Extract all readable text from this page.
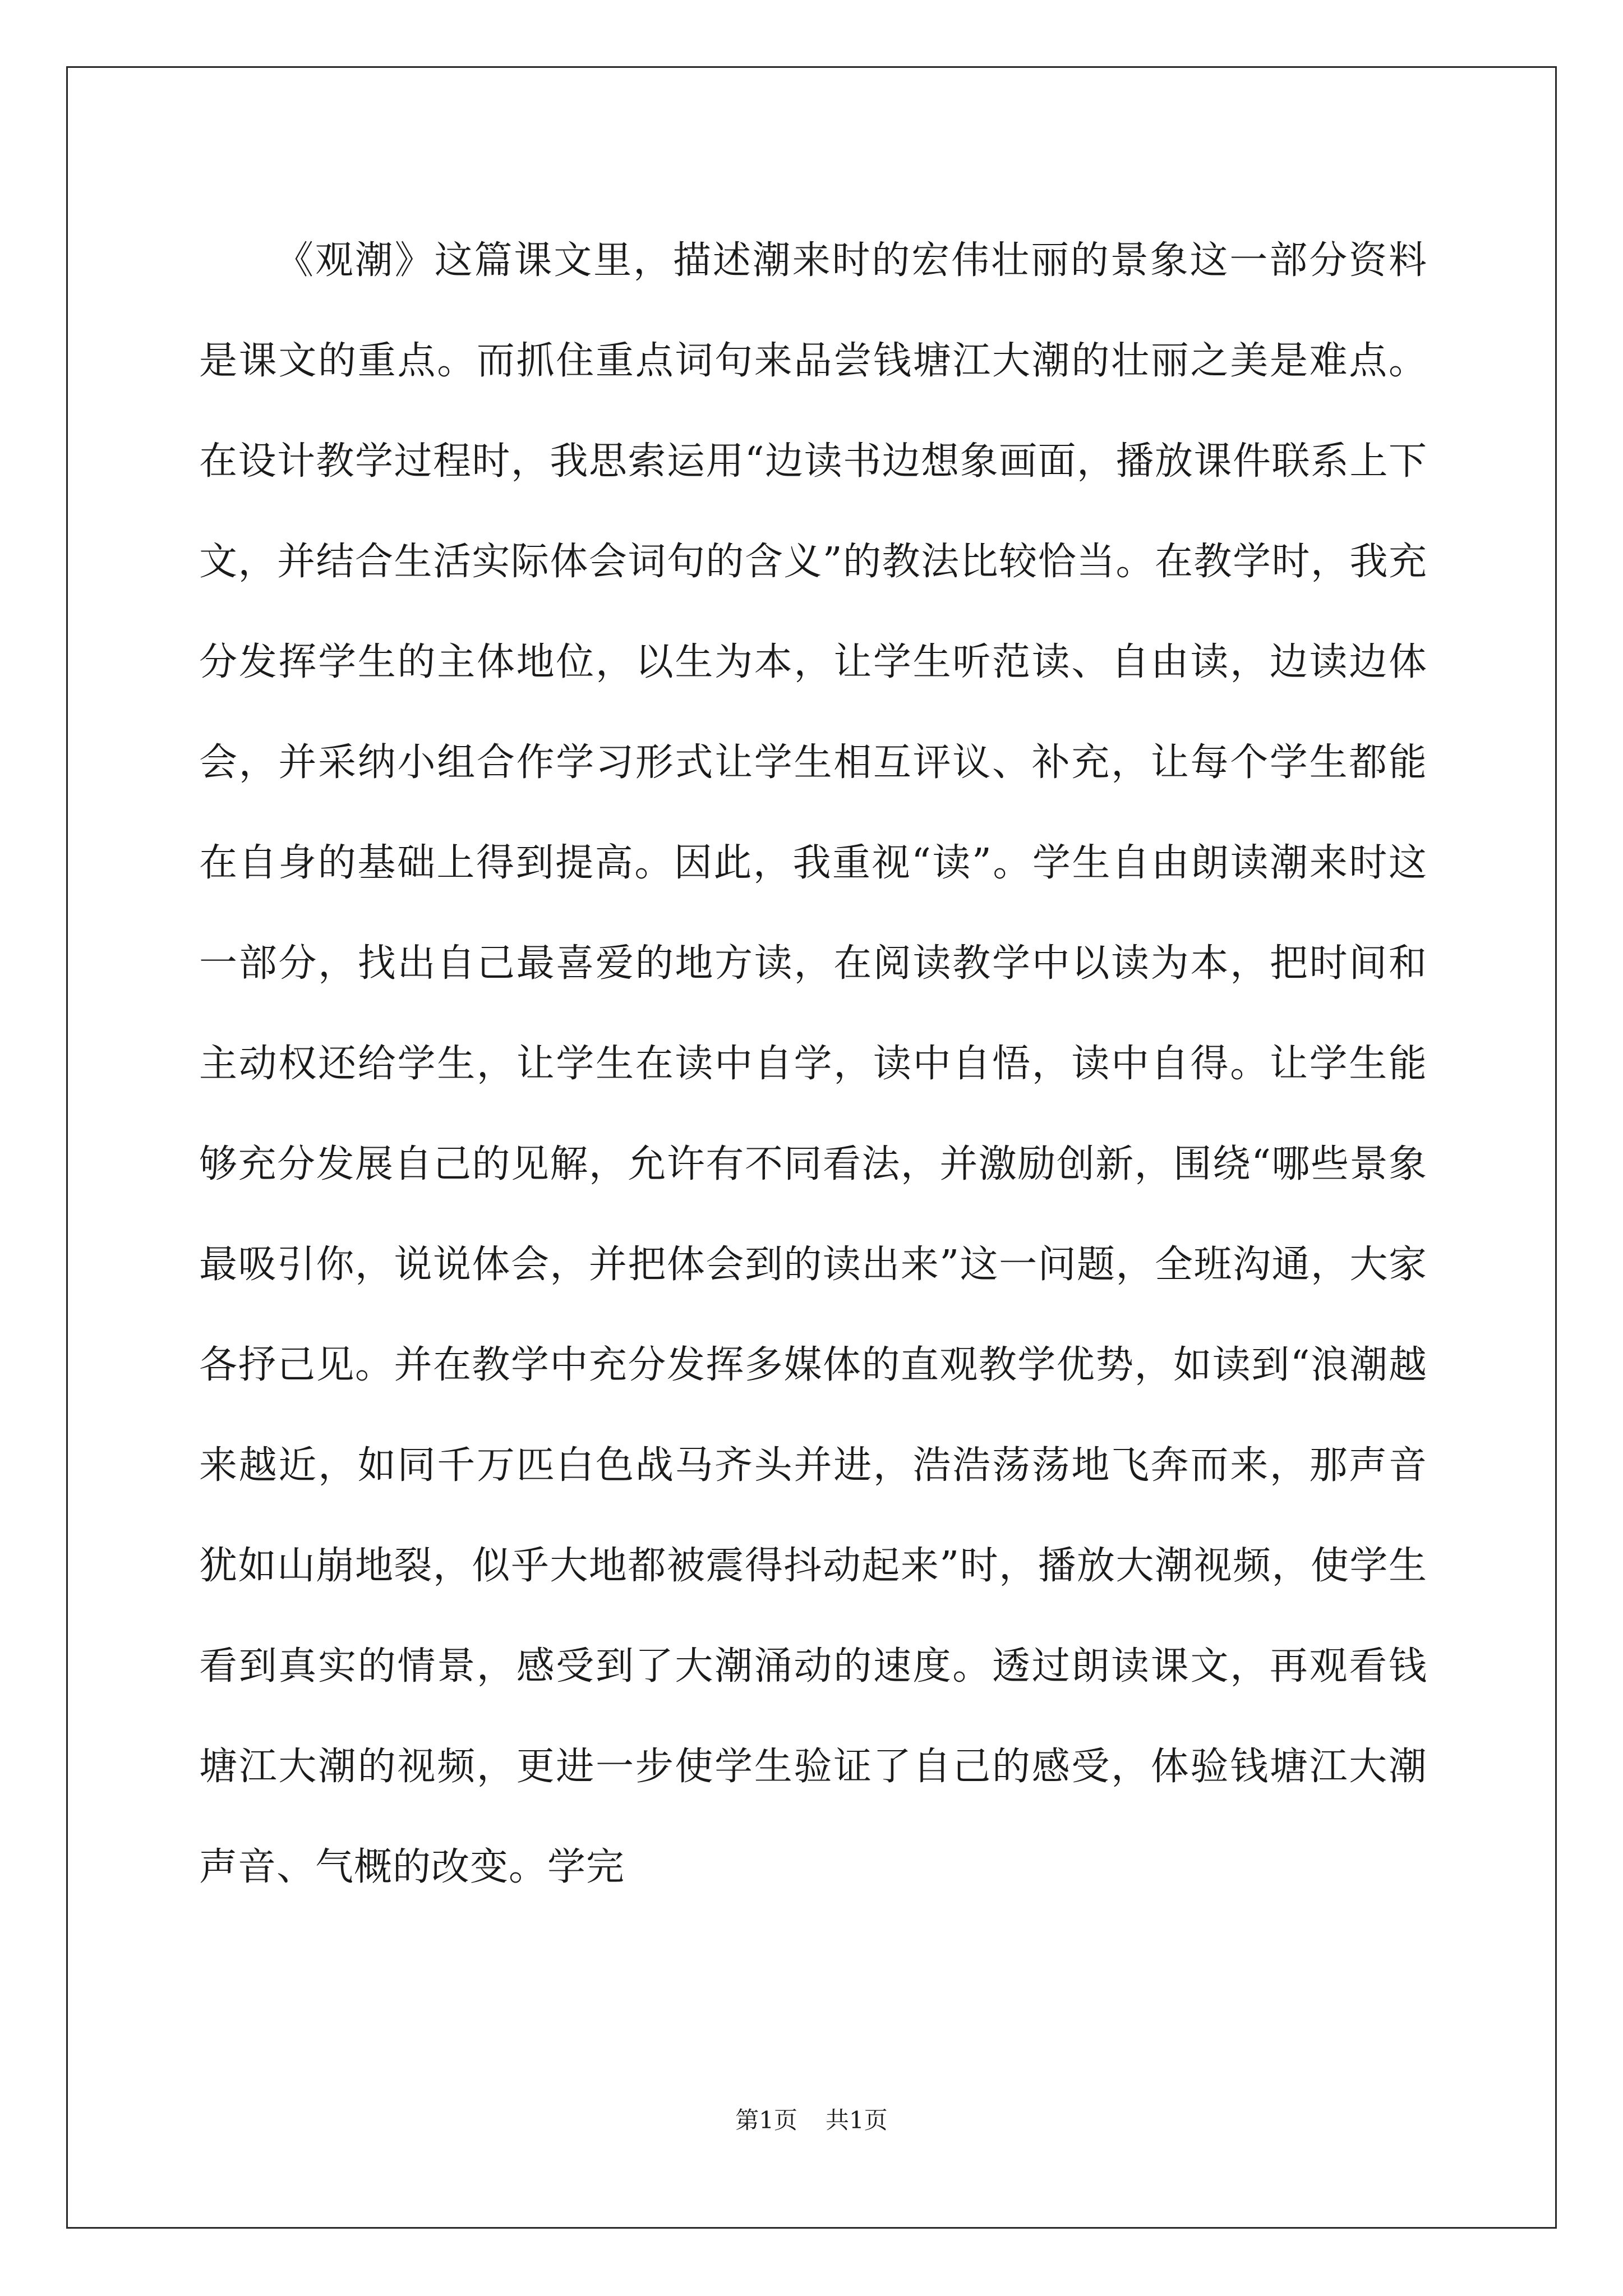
《观潮》这篇课文里，描述潮来时的宏伟壮丽的景象这一部分资料是课文的重点。而抓住重点词句来品尝钱塘江大潮的壮丽之美是难点。在设计教学过程时，我思索运用“边读书边想象画面，播放课件联系上下文，并结合生活实际体会词句的含义”的教法比较恰当。在教学时，我充分发挥学生的主体地位，以生为本，让学生听范读、自由读，边读边体会，并采纳小组合作学习形式让学生相互评议、补充，让每个学生都能在自身的基础上得到提高。因此，我重视“读”。学生自由朗读潮来时这一部分，找出自己最喜爱的地方读，在阅读教学中以读为本，把时间和主动权还给学生，让学生在读中自学，读中自悟，读中自得。让学生能够充分发展自己的见解，允许有不同看法，并激励创新，围绕“哪些景象最吸引你，说说体会，并把体会到的读出来”这一问题，全班沟通，大家各抒己见。并在教学中充分发挥多媒体的直观教学优势，如读到“浪潮越来越近，如同千万匹白色战马齐头并进，浩浩荡荡地飞奔而来，那声音犹如山崩地裂，似乎大地都被震得抖动起来”时，播放大潮视频，使学生看到真实的情景，感受到了大潮涌动的速度。透过朗读课文，再观看钱塘江大潮的视频，更进一步使学生验证了自己的感受，体验钱塘江大潮声音、气概的改变。学完

第1页 共1页
